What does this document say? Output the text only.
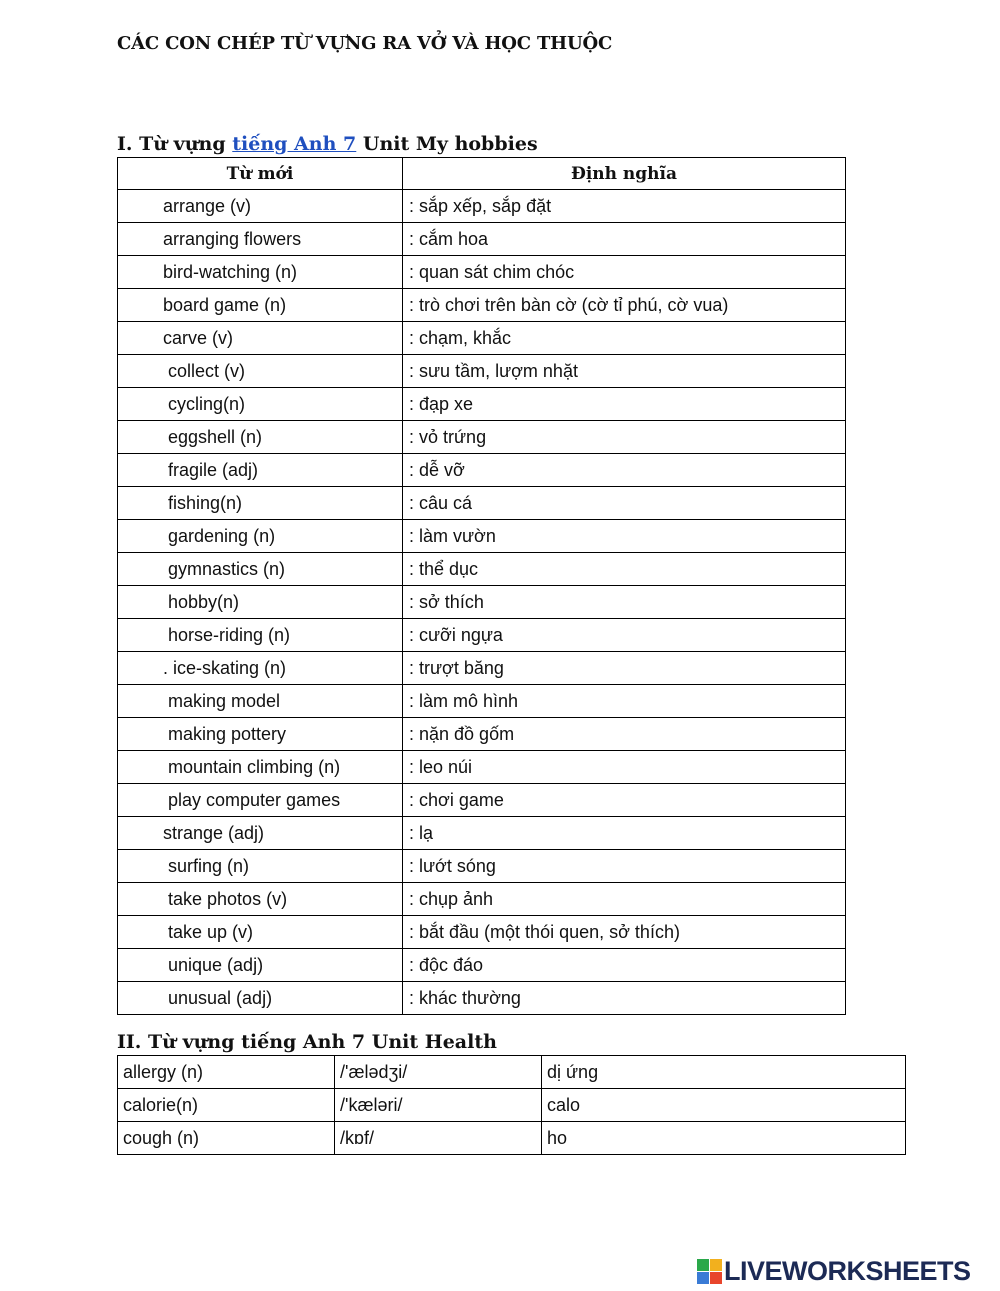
CÁC CON CHÉP TỪ VỰNG RA VỞ VÀ HỌC THUỘC
I. Từ vựng tiếng Anh 7 Unit My hobbies
Từ mới	Định nghĩa
arrange (v)	: sắp xếp, sắp đặt
arranging flowers	: cắm hoa
bird-watching (n)	: quan sát chim chóc
board game (n)	: trò chơi trên bàn cờ (cờ tỉ phú, cờ vua)
carve (v)	: chạm, khắc
collect (v)	: sưu tầm, lượm nhặt
cycling(n)	: đạp xe
eggshell (n)	: vỏ trứng
fragile (adj)	: dễ vỡ
fishing(n)	: câu cá
gardening (n)	: làm vườn
gymnastics (n)	: thể dục
hobby(n)	: sở thích
horse-riding (n)	: cưỡi ngựa
. ice-skating (n)	: trượt băng
making model	: làm mô hình
making pottery	: nặn đồ gốm
mountain climbing (n)	: leo núi
play computer games	: chơi game
strange (adj)	: lạ
surfing (n)	: lướt sóng
take photos (v)	: chụp ảnh
take up (v)	: bắt đầu (một thói quen, sở thích)
unique (adj)	: độc đáo
unusual (adj)	: khác thường
II. Từ vựng tiếng Anh 7 Unit Health
allergy (n)	/'ælədʒi/	dị ứng
calorie(n)	/'kæləri/	calo
cough (n)	/kɒf/	ho
LIVEWORKSHEETS
